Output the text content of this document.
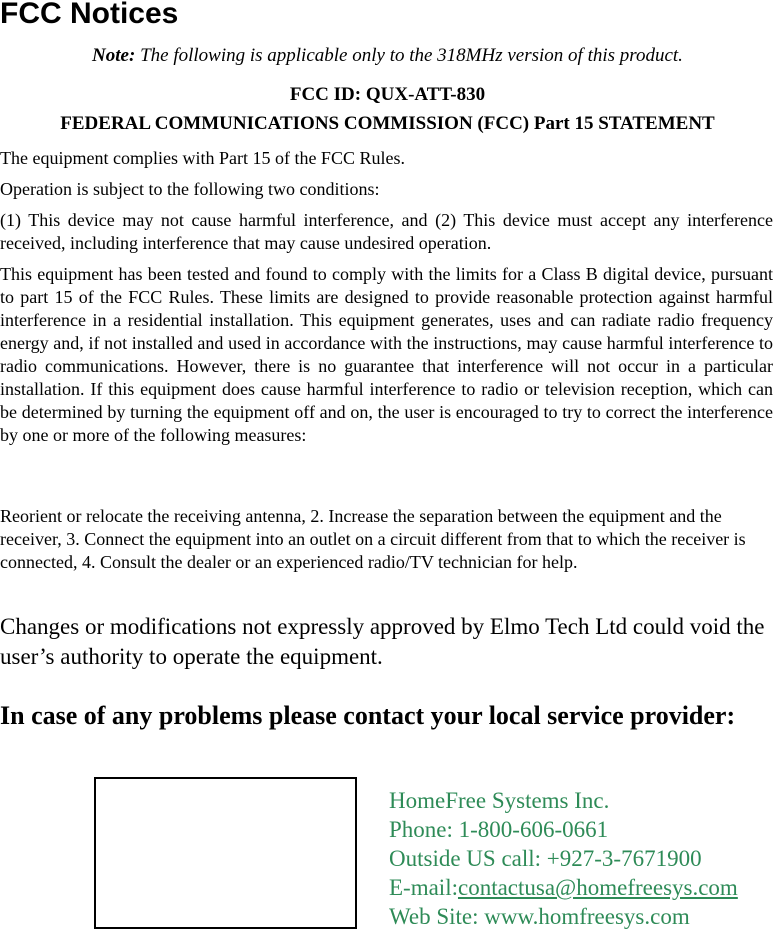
FCC Notices
Note: The following is applicable only to the 318MHz version of this product.
FCC ID: QUX-ATT-830
FEDERAL COMMUNICATIONS COMMISSION (FCC) Part 15 STATEMENT

The equipment complies with Part 15 of the FCC Rules.

Operation is subject to the following two conditions:

(1) This device may not cause harmful interference, and (2) This device must accept any interference received, including interference that may cause undesired operation.

This equipment has been tested and found to comply with the limits for a Class B digital device, pursuant to part 15 of the FCC Rules. These limits are designed to provide reasonable protection against harmful interference in a residential installation. This equipment generates, uses and can radiate radio frequency energy and, if not installed and used in accordance with the instructions, may cause harmful interference to radio communications. However, there is no guarantee that interference will not occur in a particular installation. If this equipment does cause harmful interference to radio or television reception, which can be determined by turning the equipment off and on, the user is encouraged to try to correct the interference by one or more of the following measures:

Reorient or relocate the receiving antenna, 2. Increase the separation between the equipment and the receiver, 3. Connect the equipment into an outlet on a circuit different from that to which the receiver is connected, 4. Consult the dealer or an experienced radio/TV technician for help.

Changes or modifications not expressly approved by Elmo Tech Ltd could void the user’s authority to operate the equipment.

In case of any problems please contact your local service provider:

HomeFree Systems Inc.
Phone: 1-800-606-0661
Outside US call: +927-3-7671900
E-mail:contactusa@homefreesys.com
Web Site: www.homfreesys.com
